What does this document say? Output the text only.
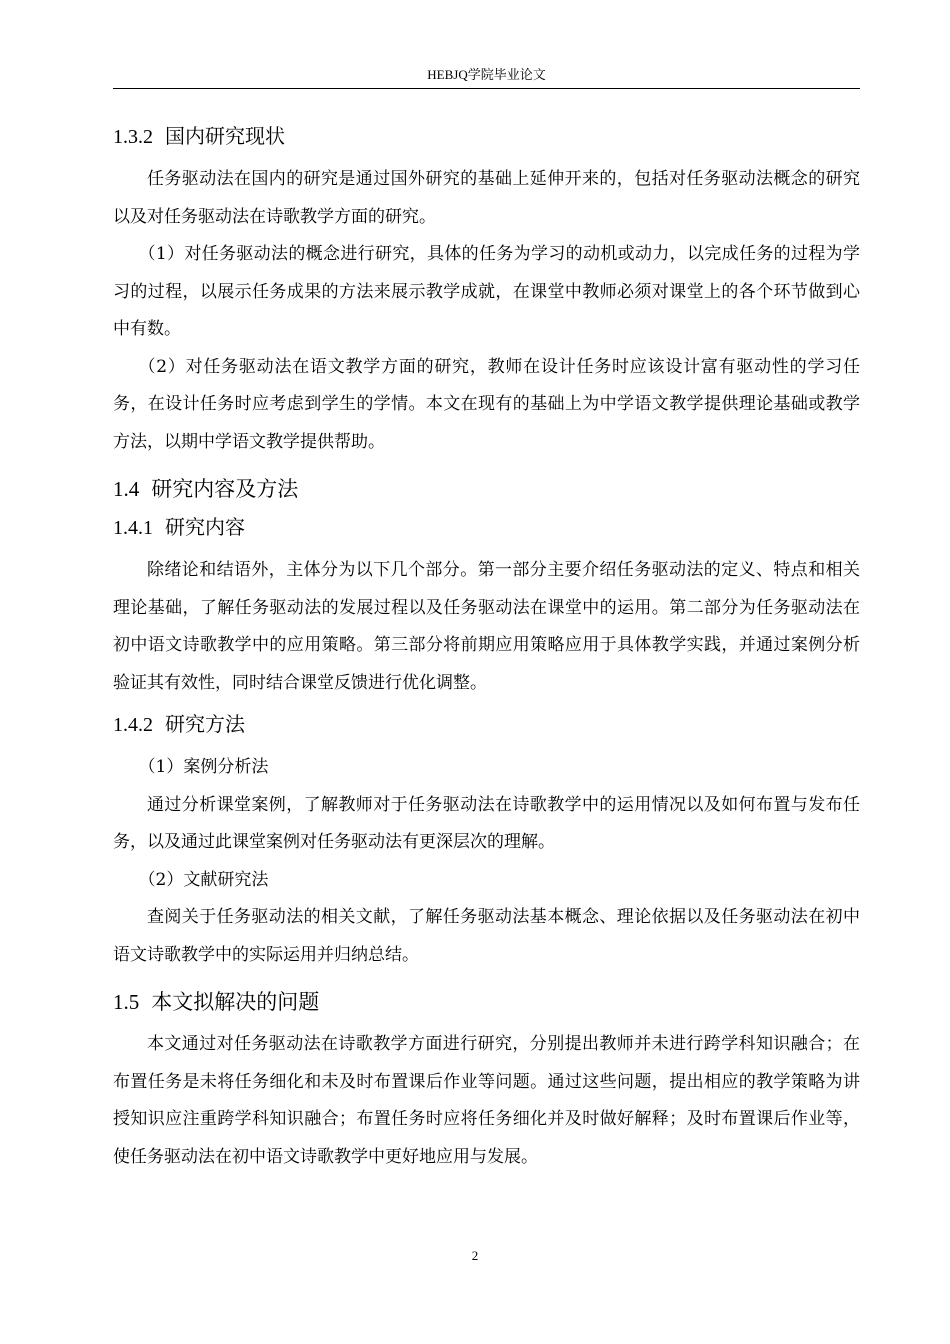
HEBJQ学院毕业论文
1.3.2 国内研究现状

任务驱动法在国内的研究是通过国外研究的基础上延伸开来的，包括对任务驱动法概念的研究以及对任务驱动法在诗歌教学方面的研究。

（1）对任务驱动法的概念进行研究，具体的任务为学习的动机或动力，以完成任务的过程为学习的过程，以展示任务成果的方法来展示教学成就，在课堂中教师必须对课堂上的各个环节做到心中有数。

（2）对任务驱动法在语文教学方面的研究，教师在设计任务时应该设计富有驱动性的学习任务，在设计任务时应考虑到学生的学情。本文在现有的基础上为中学语文教学提供理论基础或教学方法，以期中学语文教学提供帮助。

1.4 研究内容及方法
1.4.1 研究内容

除绪论和结语外，主体分为以下几个部分。第一部分主要介绍任务驱动法的定义、特点和相关理论基础，了解任务驱动法的发展过程以及任务驱动法在课堂中的运用。第二部分为任务驱动法在初中语文诗歌教学中的应用策略。第三部分将前期应用策略应用于具体教学实践，并通过案例分析验证其有效性，同时结合课堂反馈进行优化调整。

1.4.2 研究方法

（1）案例分析法

通过分析课堂案例，了解教师对于任务驱动法在诗歌教学中的运用情况以及如何布置与发布任务，以及通过此课堂案例对任务驱动法有更深层次的理解。

（2）文献研究法

查阅关于任务驱动法的相关文献，了解任务驱动法基本概念、理论依据以及任务驱动法在初中语文诗歌教学中的实际运用并归纳总结。

1.5 本文拟解决的问题

本文通过对任务驱动法在诗歌教学方面进行研究，分别提出教师并未进行跨学科知识融合；在布置任务是未将任务细化和未及时布置课后作业等问题。通过这些问题，提出相应的教学策略为讲授知识应注重跨学科知识融合；布置任务时应将任务细化并及时做好解释；及时布置课后作业等，使任务驱动法在初中语文诗歌教学中更好地应用与发展。

2
